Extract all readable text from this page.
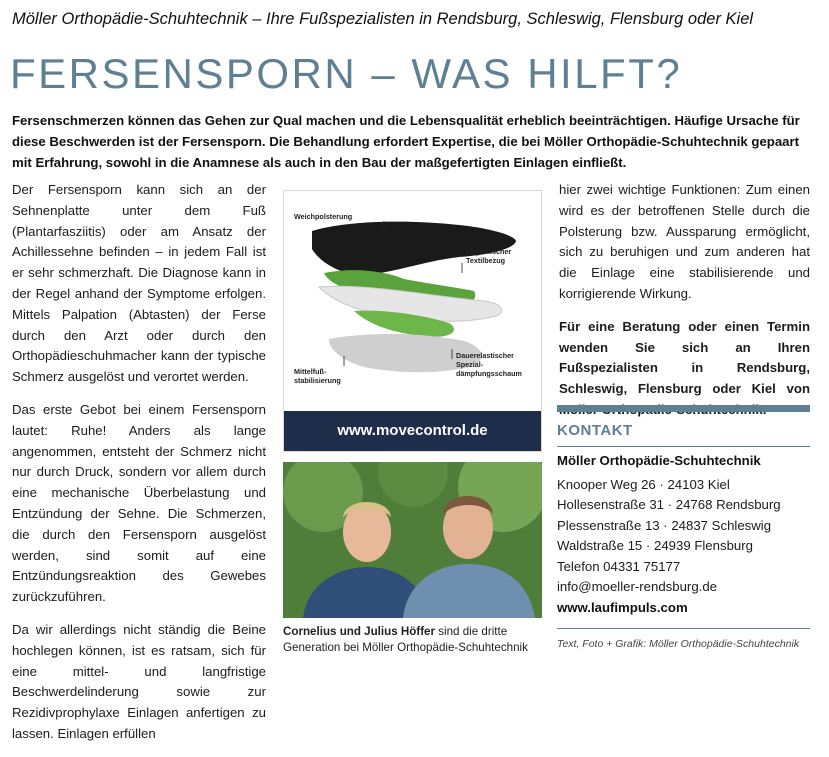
Möller Orthopädie-Schuhtechnik – Ihre Fußspezialisten in Rendsburg, Schleswig, Flensburg oder Kiel
FERSENSPORN – WAS HILFT?

Fersenschmerzen können das Gehen zur Qual machen und die Lebensqualität erheblich beeinträchtigen. Häufige Ursache für diese Beschwerden ist der Fersensporn. Die Behandlung erfordert Expertise, die bei Möller Orthopädie-Schuhtechnik gepaart mit Erfahrung, sowohl in die Anamnese als auch in den Bau der maßgefertigten Einlagen einfließt.

Der Fersensporn kann sich an der Sehnenplatte unter dem Fuß (Plantarfasziitis) oder am Ansatz der Achillessehne befinden – in jedem Fall ist er sehr schmerzhaft. Die Diagnose kann in der Regel anhand der Symptome erfolgen. Mittels Palpation (Abtasten) der Ferse durch den Arzt oder durch den Orthopädieschuhmacher kann der typische Schmerz ausgelöst und verortet werden.

Das erste Gebot bei einem Fersensporn lautet: Ruhe! Anders als lange angenommen, entsteht der Schmerz nicht nur durch Druck, sondern vor allem durch eine mechanische Überbelastung und Entzündung der Sehne. Die Schmerzen, die durch den Fersensporn ausgelöst werden, sind somit auf eine Entzündungsreaktion des Gewebes zurückzuführen.

Da wir allerdings nicht ständig die Beine hochlegen können, ist es ratsam, sich für eine mittel- und langfristige Beschwerdelinderung sowie zur Rezidivprophylaxe Einlagen anfertigen zu lassen. Einlagen erfüllen

Weichpolsterung
Hygienischer Textilbezug
Mittelfuß-stabilisierung
Dauerelastischer Spezial-dämpfungsschaum
www.movecontrol.de
Cornelius und Julius Höffer sind die dritte Generation bei Möller Orthopädie-Schuhtechnik

hier zwei wichtige Funktionen: Zum einen wird es der betroffenen Stelle durch die Polsterung bzw. Aussparung ermöglicht, sich zu beruhigen und zum anderen hat die Einlage eine stabilisierende und korrigierende Wirkung.

Für eine Beratung oder einen Termin wenden Sie sich an Ihren Fußspezialisten in Rendsburg, Schleswig, Flensburg oder Kiel von

KONTAKT
Möller Orthopädie-Schuhtechnik
Knooper Weg 26 · 24103 Kiel
Hollesenstraße 31 · 24768 Rendsburg
Plessenstraße 13 · 24837 Schleswig
Waldstraße 15 · 24939 Flensburg
Telefon 04331 75177
info@moeller-rendsburg.de
www.laufimpuls.com
Text, Foto + Grafik: Möller Orthopädie-Schuhtechnik
